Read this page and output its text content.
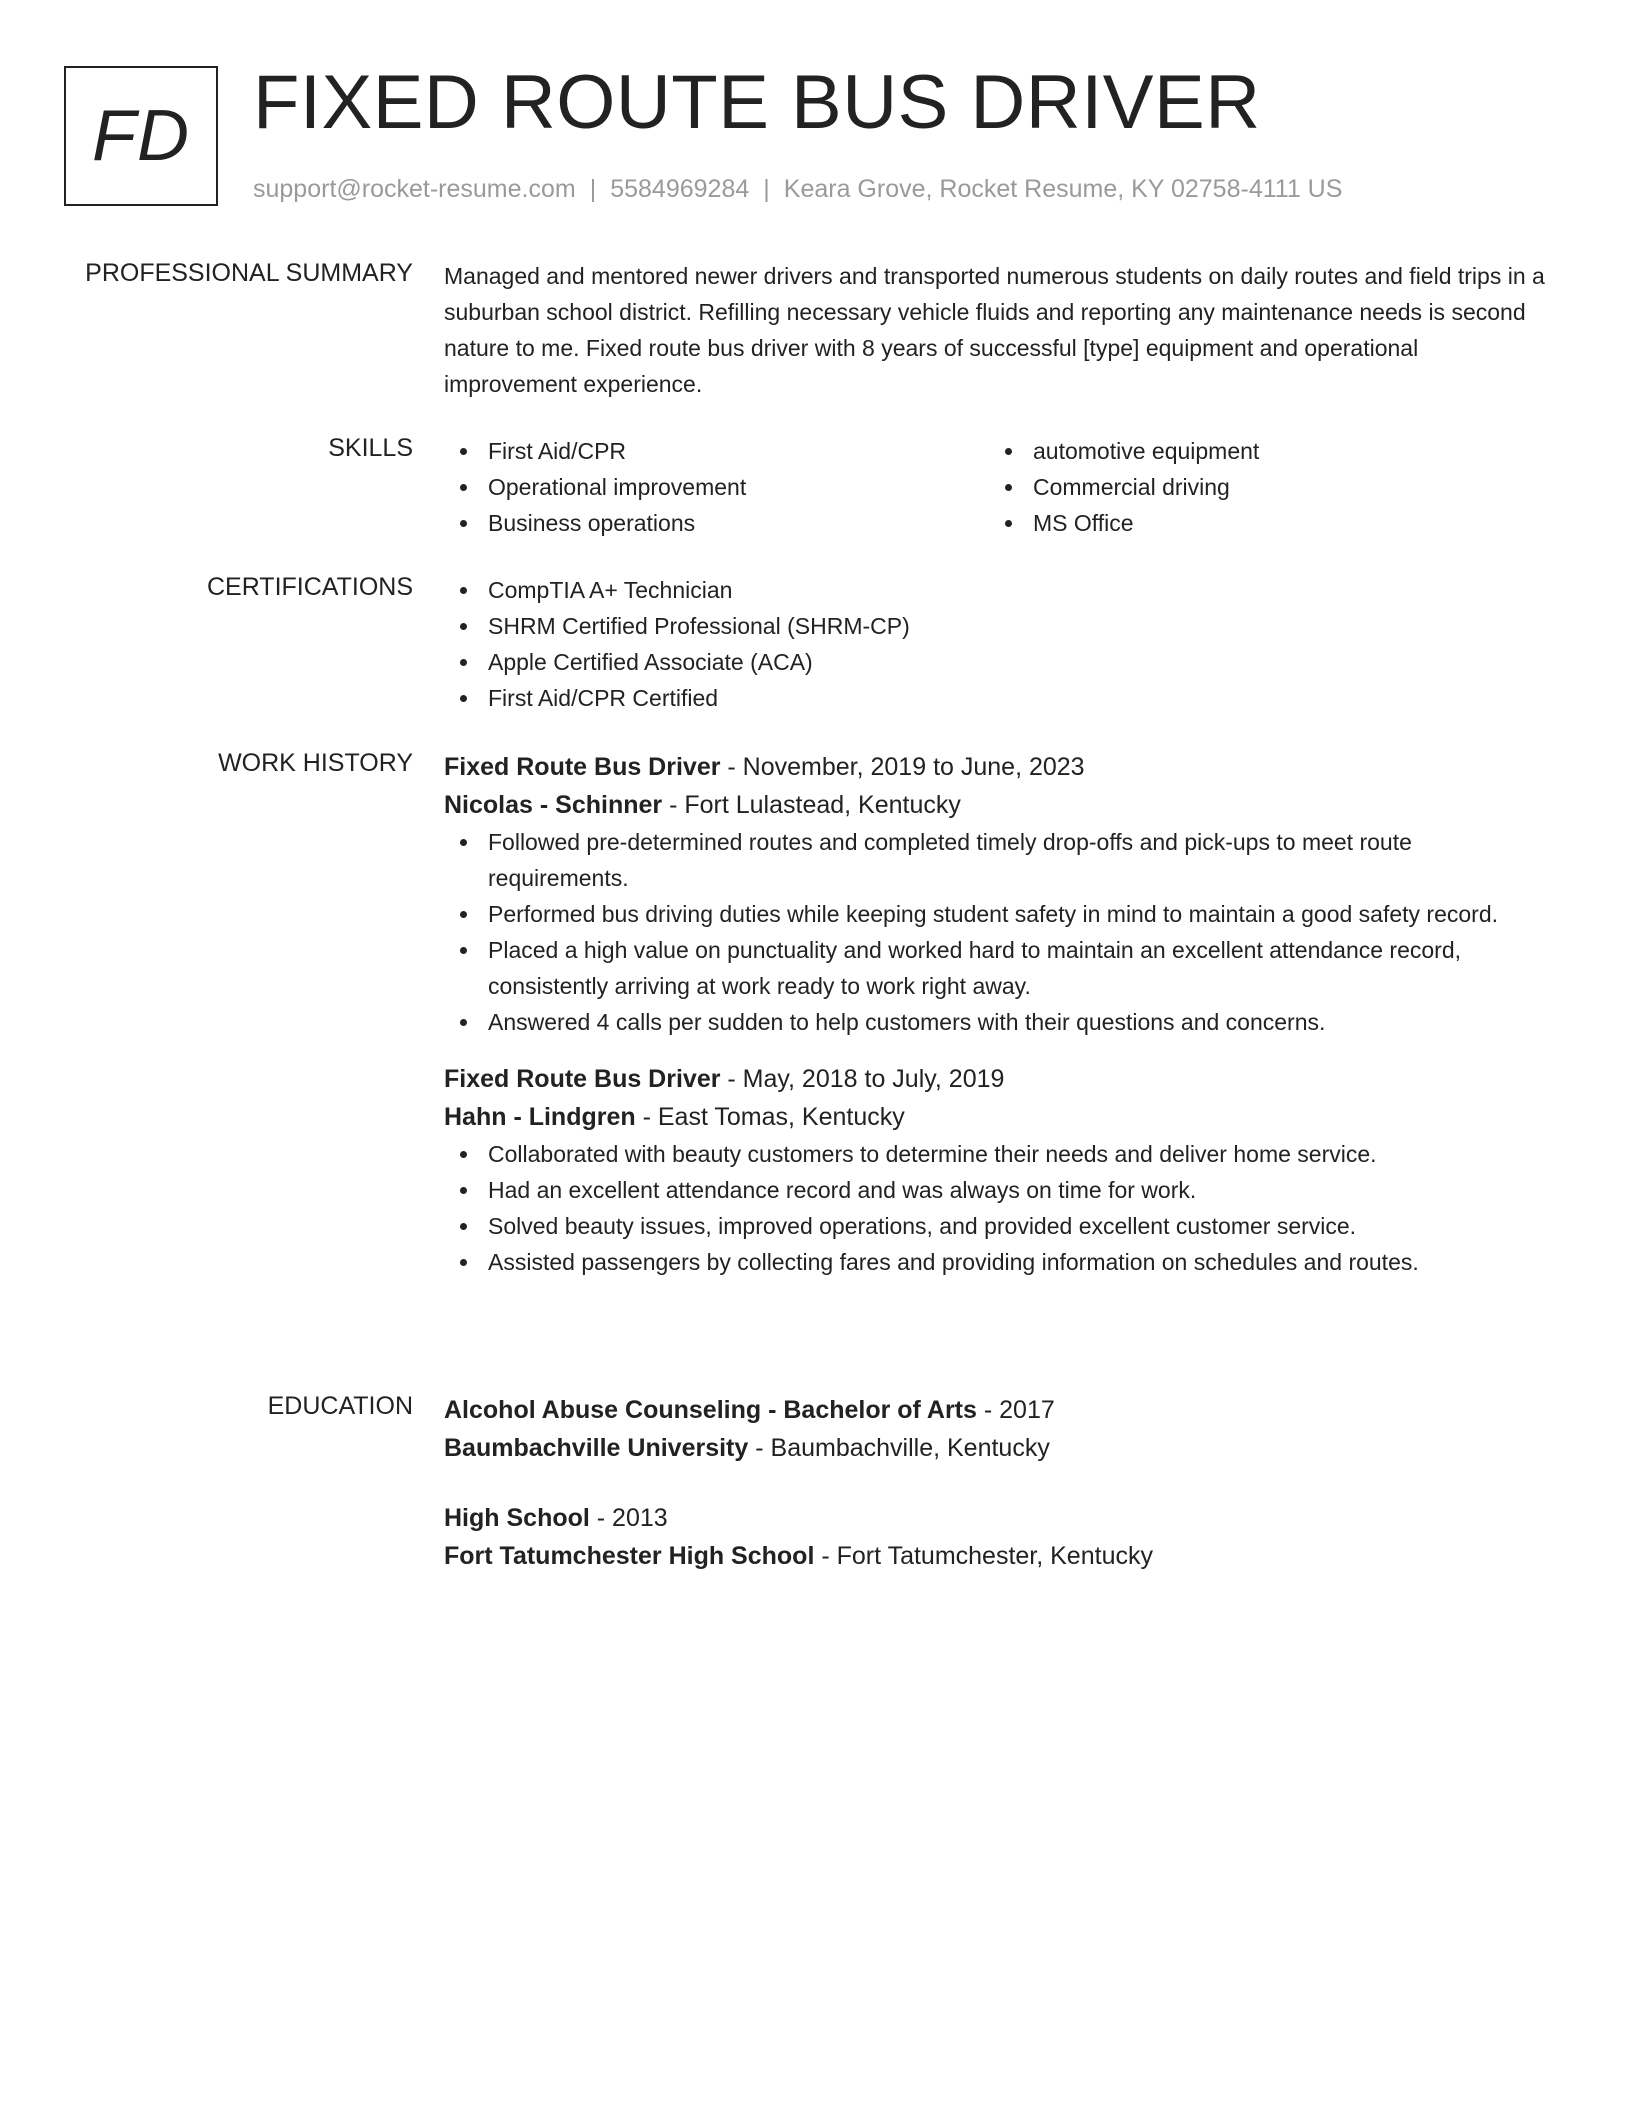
FD FIXED ROUTE BUS DRIVER
support@rocket-resume.com | 5584969284 | Keara Grove, Rocket Resume, KY 02758-4111 US
PROFESSIONAL SUMMARY Managed and mentored newer drivers and transported numerous students on daily routes and field trips in a suburban school district. Refilling necessary vehicle fluids and reporting any maintenance needs is second nature to me. Fixed route bus driver with 8 years of successful [type] equipment and operational improvement experience.

SKILLS	First Aid/CPR
Operational improvement
Business operations
automotive equipment
Commercial driving
MS Office
CERTIFICATIONS	CompTIA A+ Technician
SHRM Certified Professional (SHRM-CP)
Apple Certified Associate (ACA)
First Aid/CPR Certified
WORK HISTORY Fixed Route Bus Driver - November, 2019 to June, 2023
Nicolas - Schinner - Fort Lulastead, Kentucky
Followed pre-determined routes and completed timely drop-offs and pick-ups to meet route requirements.
Performed bus driving duties while keeping student safety in mind to maintain a good safety record.
Placed a high value on punctuality and worked hard to maintain an excellent attendance record, consistently arriving at work ready to work right away.
Answered 4 calls per sudden to help customers with their questions and concerns.
Fixed Route Bus Driver - May, 2018 to July, 2019
Hahn - Lindgren - East Tomas, Kentucky
Collaborated with beauty customers to determine their needs and deliver home service.
Had an excellent attendance record and was always on time for work.
Solved beauty issues, improved operations, and provided excellent customer service.
Assisted passengers by collecting fares and providing information on schedules and routes.
EDUCATION Alcohol Abuse Counseling - Bachelor of Arts - 2017
Baumbachville University - Baumbachville, Kentucky
High School - 2013
Fort Tatumchester High School - Fort Tatumchester, Kentucky
